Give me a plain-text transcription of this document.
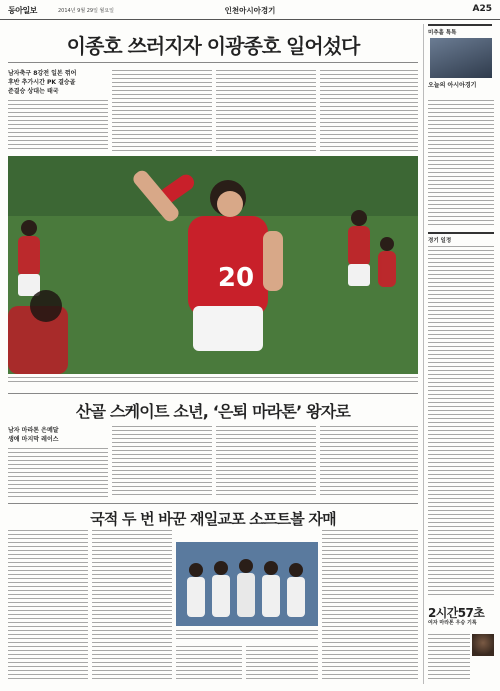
동아일보	2014년 9월 29일 월요일	인천아시아경기	A25
이종호 쓰러지자 이광종호 일어섰다
남자축구 8강전 일본 꺾어
후반 추가시간 PK 결승골
준결승 상대는 태국
20
산골 스케이트 소년, ‘은퇴 마라톤’ 왕자로
남자 마라톤 은메달
생애 마지막 레이스
국적 두 번 바꾼 재일교포 소프트볼 자매
미추홀 톡톡
오늘의 아시아경기
경기 일정
2시간57초
여자 마라톤 우승 기록
